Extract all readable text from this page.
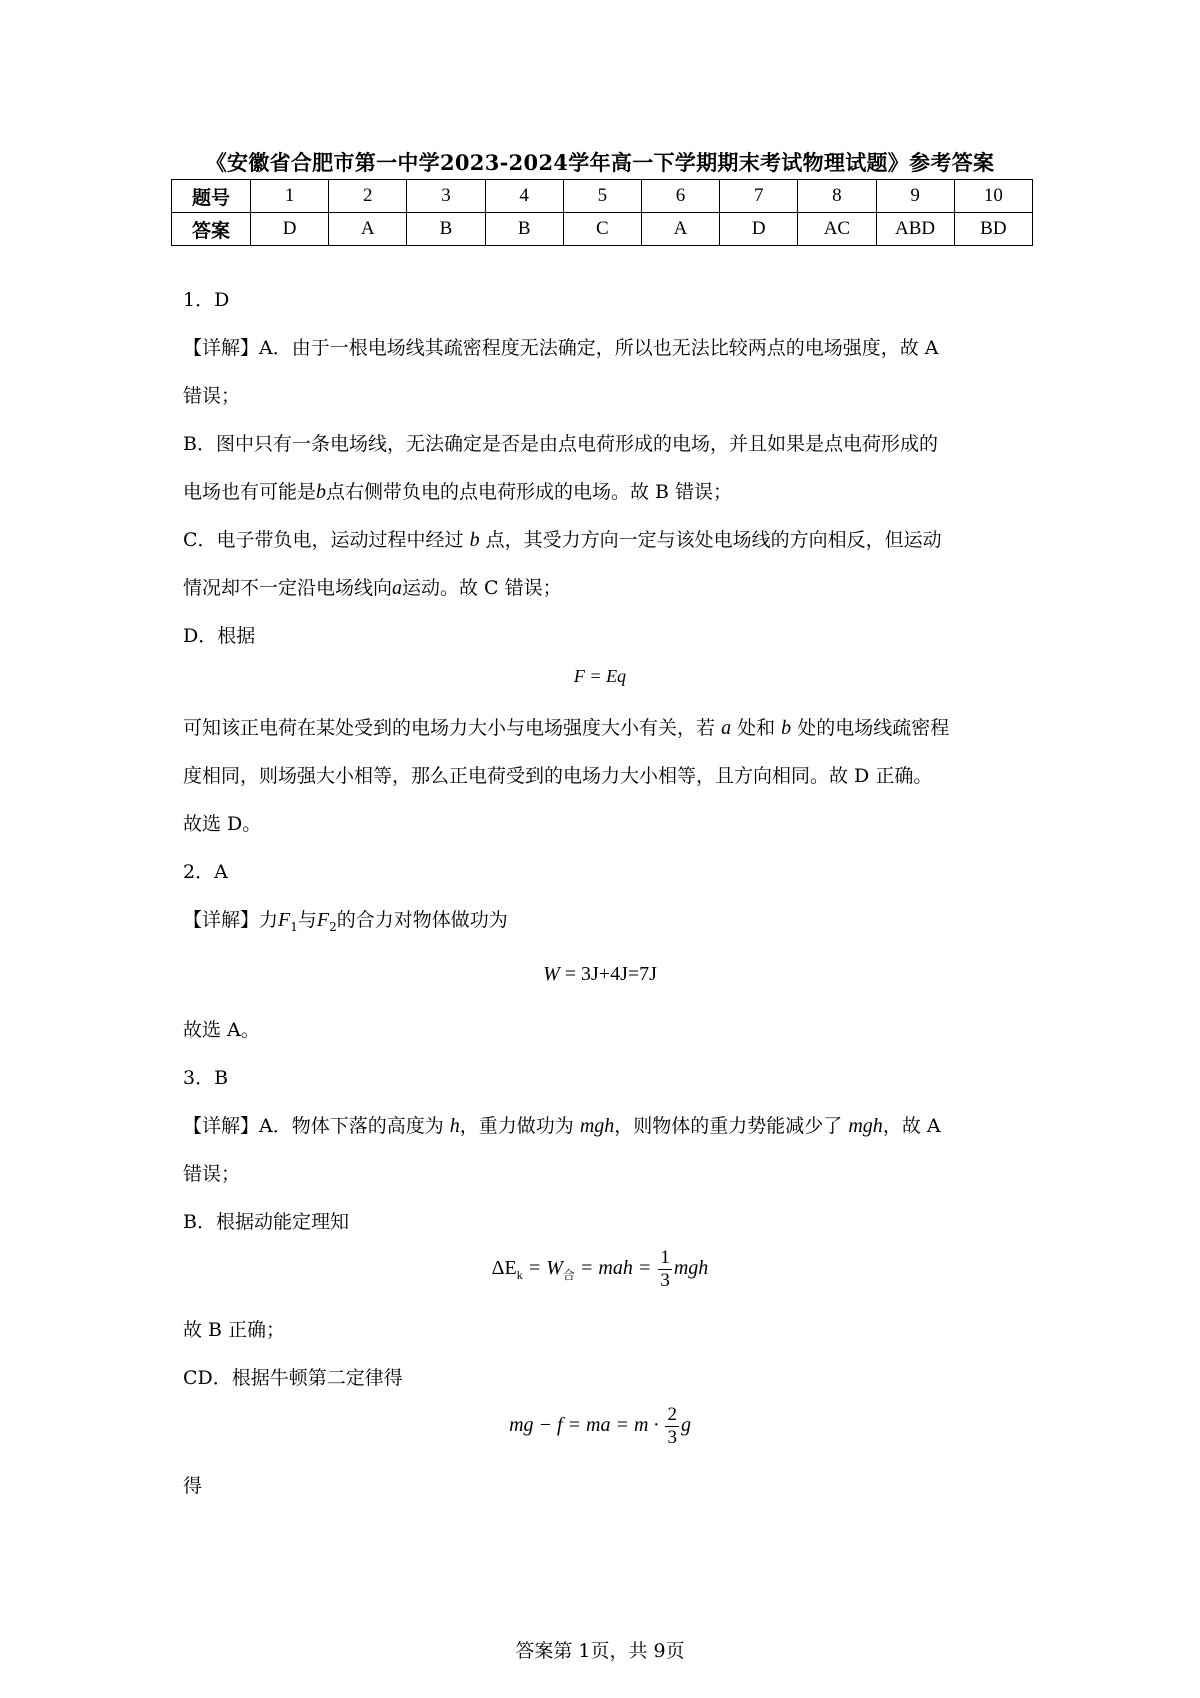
《安徽省合肥市第一中学2023-2024学年高一下学期期末考试物理试题》参考答案
题号	1	2	3	4	5	6	7	8	9	10
答案	D	A	B	B	C	A	D	AC	ABD	BD
1．D
【详解】A．由于一根电场线其疏密程度无法确定，所以也无法比较两点的电场强度，故 A
错误；
B．图中只有一条电场线，无法确定是否是由点电荷形成的电场，并且如果是点电荷形成的
电场也有可能是b点右侧带负电的点电荷形成的电场。故 B 错误；
C．电子带负电，运动过程中经过 b 点，其受力方向一定与该处电场线的方向相反，但运动
情况却不一定沿电场线向a运动。故 C 错误；
D．根据
F = Eq
可知该正电荷在某处受到的电场力大小与电场强度大小有关，若 a 处和 b 处的电场线疏密程
度相同，则场强大小相等，那么正电荷受到的电场力大小相等，且方向相同。故 D 正确。
故选 D。
2．A
【详解】力$F_1$与$F_2$的合力对物体做功为
W = 3J+4J=7J
故选 A。
3．B
【详解】A．物体下落的高度为 h，重力做功为 mgh，则物体的重力势能减少了 mgh，故 A
错误；
B．根据动能定理知
$\Delta E_k = W_合$ = mah = $\frac{1}{3}$ mgh
故 B 正确；
CD．根据牛顿第二定律得
mg − f = ma = $m \cdot \frac{2}{3}$ g
得
答案第 1页，共 9页
